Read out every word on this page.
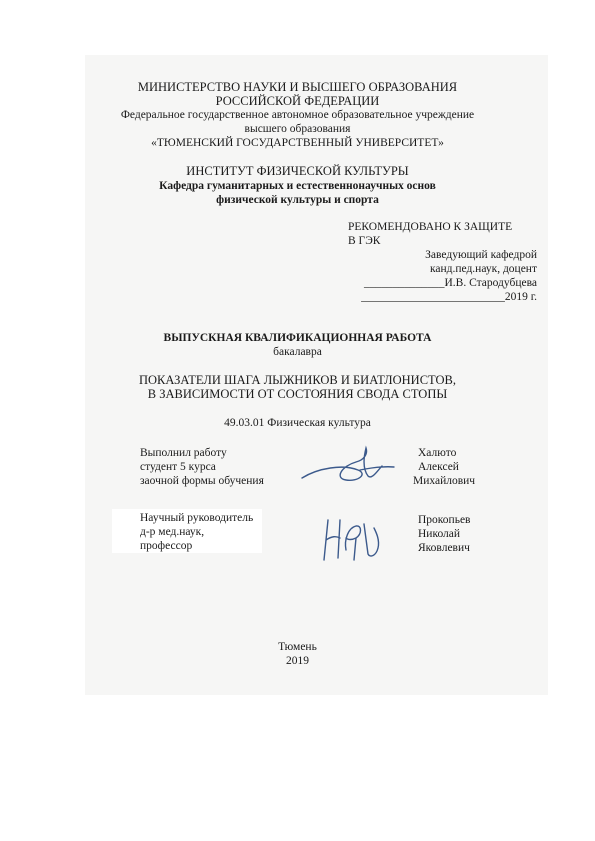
МИНИСТЕРСТВО НАУКИ И ВЫСШЕГО ОБРАЗОВАНИЯ
РОССИЙСКОЙ ФЕДЕРАЦИИ
Федеральное государственное автономное образовательное учреждение
высшего образования
«ТЮМЕНСКИЙ ГОСУДАРСТВЕННЫЙ УНИВЕРСИТЕТ»
ИНСТИТУТ ФИЗИЧЕСКОЙ КУЛЬТУРЫ
Кафедра гуманитарных и естественнонаучных основ
физической культуры и спорта
РЕКОМЕНДОВАНО К ЗАЩИТЕ
В ГЭК
Заведующий кафедрой
канд.пед.наук, доцент
______________И.В. Стародубцева
_________________________2019 г.
ВЫПУСКНАЯ КВАЛИФИКАЦИОННАЯ РАБОТА
бакалавра
ПОКАЗАТЕЛИ ШАГА ЛЫЖНИКОВ И БИАТЛОНИСТОВ,
В ЗАВИСИМОСТИ ОТ СОСТОЯНИЯ СВОДА СТОПЫ
49.03.01 Физическая культура
Выполнил работу
студент 5 курса
заочной формы обучения
Халюто
Алексей
Михайлович
Научный руководитель
д-р мед.наук,
профессор
Прокопьев
Николай
Яковлевич
Тюмень
2019
